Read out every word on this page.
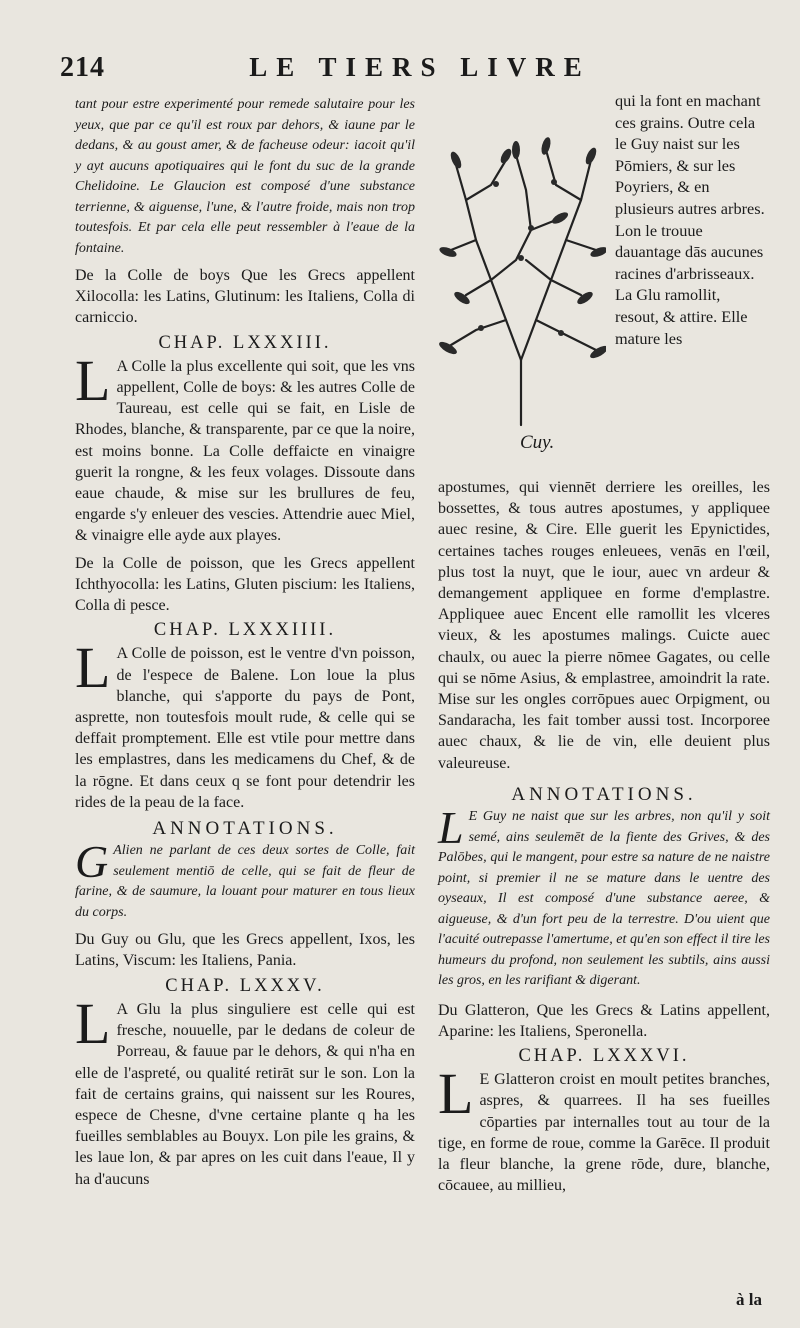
214	LE TIERS LIVRE

tant pour estre experimenté pour remede salutaire pour les yeux, que par ce qu'il est roux par dehors, & iaune par le dedans, & au goust amer, & de facheuse odeur: iacoit qu'il y ayt aucuns apotiquaires qui le font du suc de la grande Chelidoine. Le Glaucion est composé d'une substance terrienne, & aiguense, l'une, & l'autre froide, mais non trop toutesfois. Et par cela elle peut ressembler à l'eaue de la fontaine.

De la Colle de boys Que les Grecs appellent Xilocolla: les Latins, Glutinum: les Italiens, Colla di carniccio.

CHAP. LXXXIII.

L A Colle la plus excellente qui soit, que les vns appellent, Colle de boys: & les autres Colle de Taureau, est celle qui se fait, en Lisle de Rhodes, blanche, & transparente, par ce que la noire, est moins bonne. La Colle deffaicte en vinaigre guerit la rongne, & les feux volages. Dissoute dans eaue chaude, & mise sur les brullures de feu, engarde s'y enleuer des vescies. Attendrie auec Miel, & vinaigre elle ayde aux playes.

De la Colle de poisson, que les Grecs appellent Ichthyocolla: les Latins, Gluten piscium: les Italiens, Colla di pesce.

CHAP. LXXXIIII.

L A Colle de poisson, est le ventre d'vn poisson, de l'espece de Balene. Lon loue la plus blanche, qui s'apporte du pays de Pont, asprette, non toutesfois moult rude, & celle qui se deffait promptement. Elle est vtile pour mettre dans les emplastres, dans les medicamens du Chef, & de la rōgne. Et dans ceux q se font pour detendrir les rides de la peau de la face.

ANNOTATIONS.

G Alien ne parlant de ces deux sortes de Colle, fait seulement mentiō de celle, qui se fait de fleur de farine, & de saumure, la louant pour maturer en tous lieux du corps.

Du Guy ou Glu, que les Grecs appellent, Ixos, les Latins, Viscum: les Italiens, Pania.

CHAP. LXXXV.

L A Glu la plus singuliere est celle qui est fresche, nouuelle, par le dedans de coleur de Porreau, & fauue par le dehors, & qui n'ha en elle de l'aspreté, ou qualité retirāt sur le son. Lon la fait de certains grains, qui naissent sur les Roures, espece de Chesne, d'vne certaine plante q ha les fueilles semblables au Bouyx. Lon pile les grains, & les laue lon, & par apres on les cuit dans l'eaue, Il y ha d'aucuns

Cuy.

qui la font en machant ces grains. Outre cela le Guy naist sur les Pōmiers, & sur les Poyriers, & en plusieurs autres arbres. Lon le trouue dauantage dās aucunes racines d'arbrisseaux. La Glu ramollit, resout, & attire. Elle mature les

apostumes, qui viennēt derriere les oreilles, les bossettes, & tous autres apostumes, y appliquee auec resine, & Cire. Elle guerit les Epynictides, certaines taches rouges enleuees, venās en l'œil, plus tost la nuyt, que le iour, auec vn ardeur & demangement appliquee en forme d'emplastre. Appliquee auec Encent elle ramollit les vlceres vieux, & les apostumes malings. Cuicte auec chaulx, ou auec la pierre nōmee Gagates, ou celle qui se nōme Asius, & emplastree, amoindrit la rate. Mise sur les ongles corrōpues auec Orpigment, ou Sandaracha, les fait tomber aussi tost. Incorporee auec chaux, & lie de vin, elle deuient plus valeureuse.

ANNOTATIONS.

L E Guy ne naist que sur les arbres, non qu'il y soit semé, ains seulemēt de la fiente des Grives, & des Palōbes, qui le mangent, pour estre sa nature de ne naistre point, si premier il ne se mature dans le uentre des oyseaux, Il est composé d'une substance aeree, & aigueuse, & d'un fort peu de la terrestre. D'ou uient que l'acuité outrepasse l'amertume, et qu'en son effect il tire les humeurs du profond, non seulement les subtils, ains aussi les gros, en les rarifiant & digerant.

Du Glatteron, Que les Grecs & Latins appellent, Aparine: les Italiens, Speronella.

CHAP. LXXXVI.

L E Glatteron croist en moult petites branches, aspres, & quarrees. Il ha ses fueilles cōparties par internalles tout au tour de la tige, en forme de roue, comme la Garēce. Il produit la fleur blanche, la grene rōde, dure, blanche, cōcauee, au millieu,

à la
